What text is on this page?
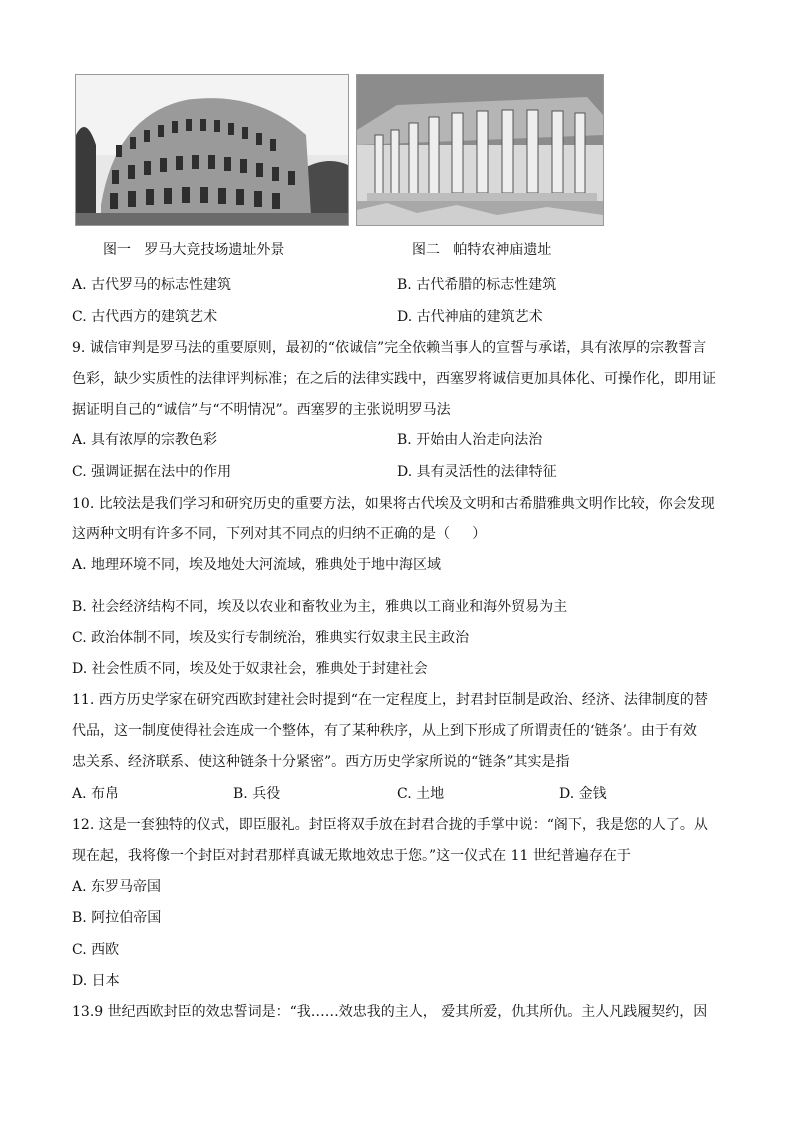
图一   罗马大竞技场遗址外景	图二   帕特农神庙遗址
A. 古代罗马的标志性建筑	B. 古代希腊的标志性建筑
C. 古代西方的建筑艺术	D. 古代神庙的建筑艺术
9. 诚信审判是罗马法的重要原则，最初的“依诚信”完全依赖当事人的宣誓与承诺，具有浓厚的宗教誓言
色彩，缺少实质性的法律评判标准；在之后的法律实践中，西塞罗将诚信更加具体化、可操作化，即用证
据证明自己的“诚信”与“不明情况”。西塞罗的主张说明罗马法
A. 具有浓厚的宗教色彩	B. 开始由人治走向法治
C. 强调证据在法中的作用	D. 具有灵活性的法律特征
10. 比较法是我们学习和研究历史的重要方法，如果将古代埃及文明和古希腊雅典文明作比较，你会发现
这两种文明有许多不同，下列对其不同点的归纳不正确的是（     ）
A. 地理环境不同，埃及地处大河流域，雅典处于地中海区域
B. 社会经济结构不同，埃及以农业和畜牧业为主，雅典以工商业和海外贸易为主
C. 政治体制不同，埃及实行专制统治，雅典实行奴隶主民主政治
D. 社会性质不同，埃及处于奴隶社会，雅典处于封建社会
11. 西方历史学家在研究西欧封建社会时提到“在一定程度上，封君封臣制是政治、经济、法律制度的替
代品，这一制度使得社会连成一个整体，有了某种秩序，从上到下形成了所谓责任的‘链条’。由于有效
忠关系、经济联系、使这种链条十分紧密”。西方历史学家所说的“链条”其实是指
A. 布帛	B. 兵役	C. 土地	D. 金钱
12. 这是一套独特的仪式，即臣服礼。封臣将双手放在封君合拢的手掌中说：“阁下，我是您的人了。从
现在起，我将像一个封臣对封君那样真诚无欺地效忠于您。”这一仪式在 11 世纪普遍存在于
A. 东罗马帝国
B. 阿拉伯帝国
C. 西欧
D. 日本
13.9 世纪西欧封臣的效忠誓词是：“我……效忠我的主人， 爱其所爱，仇其所仇。主人凡践履契约，因
